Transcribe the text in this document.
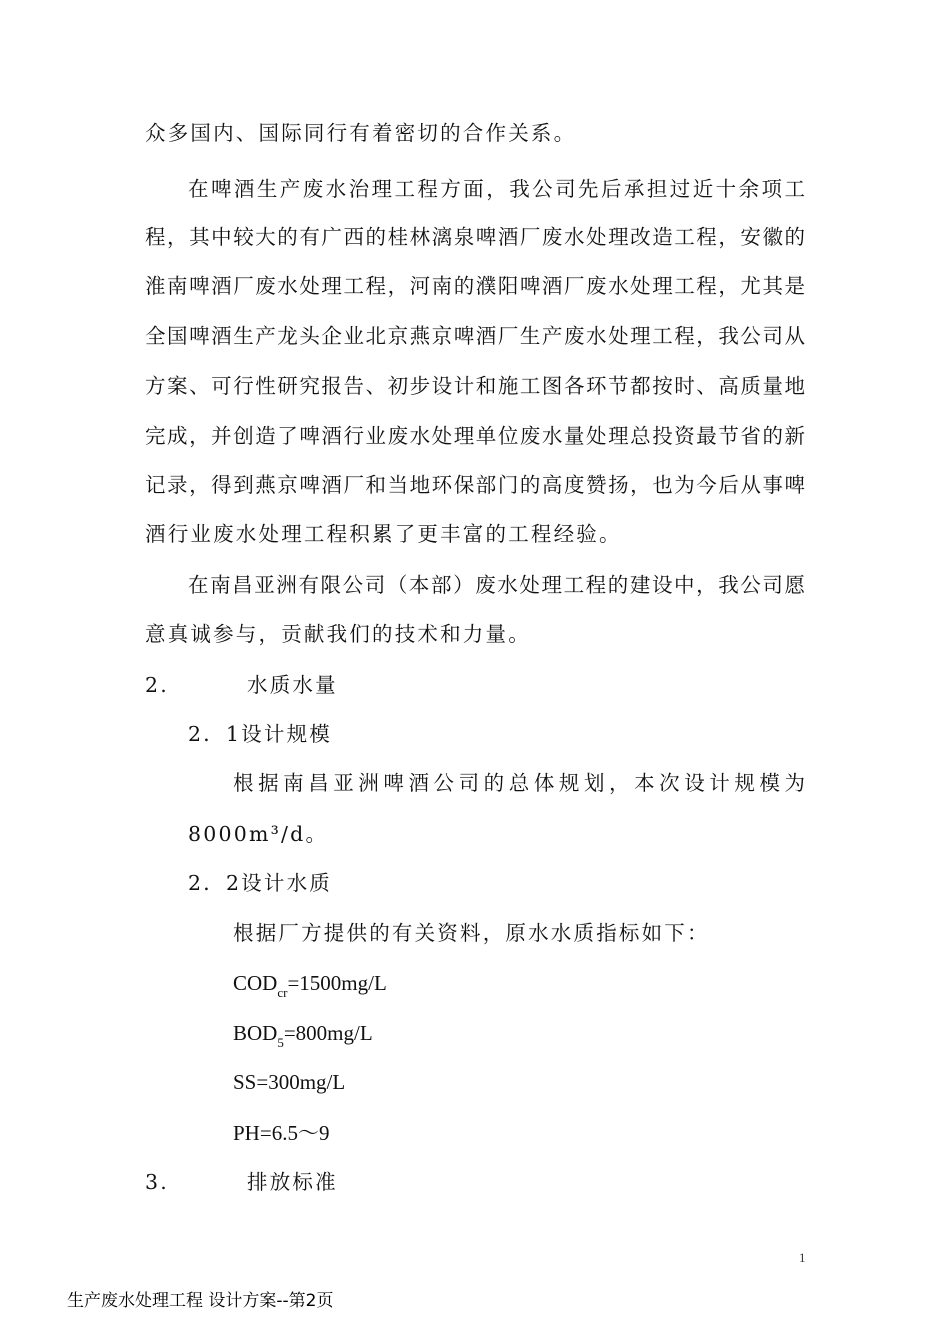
众多国内、国际同行有着密切的合作关系。
在啤酒生产废水治理工程方面，我公司先后承担过近十余项工
程，其中较大的有广西的桂林漓泉啤酒厂废水处理改造工程，安徽的
淮南啤酒厂废水处理工程，河南的濮阳啤酒厂废水处理工程，尤其是
全国啤酒生产龙头企业北京燕京啤酒厂生产废水处理工程，我公司从
方案、可行性研究报告、初步设计和施工图各环节都按时、高质量地
完成，并创造了啤酒行业废水处理单位废水量处理总投资最节省的新
记录，得到燕京啤酒厂和当地环保部门的高度赞扬，也为今后从事啤
酒行业废水处理工程积累了更丰富的工程经验。
在南昌亚洲有限公司（本部）废水处理工程的建设中，我公司愿
意真诚参与，贡献我们的技术和力量。
2.	水质水量
2．1设计规模
根据南昌亚洲啤酒公司的总体规划，本次设计规模为
8000m³/d。
2．2设计水质
根据厂方提供的有关资料，原水水质指标如下：
$COD_{cr}=1500mg/L$
$BOD_5=800mg/L$
SS=300mg/L
PH=6.5～9
3.	排放标准
1
生产废水处理工程 设计方案--第2页
